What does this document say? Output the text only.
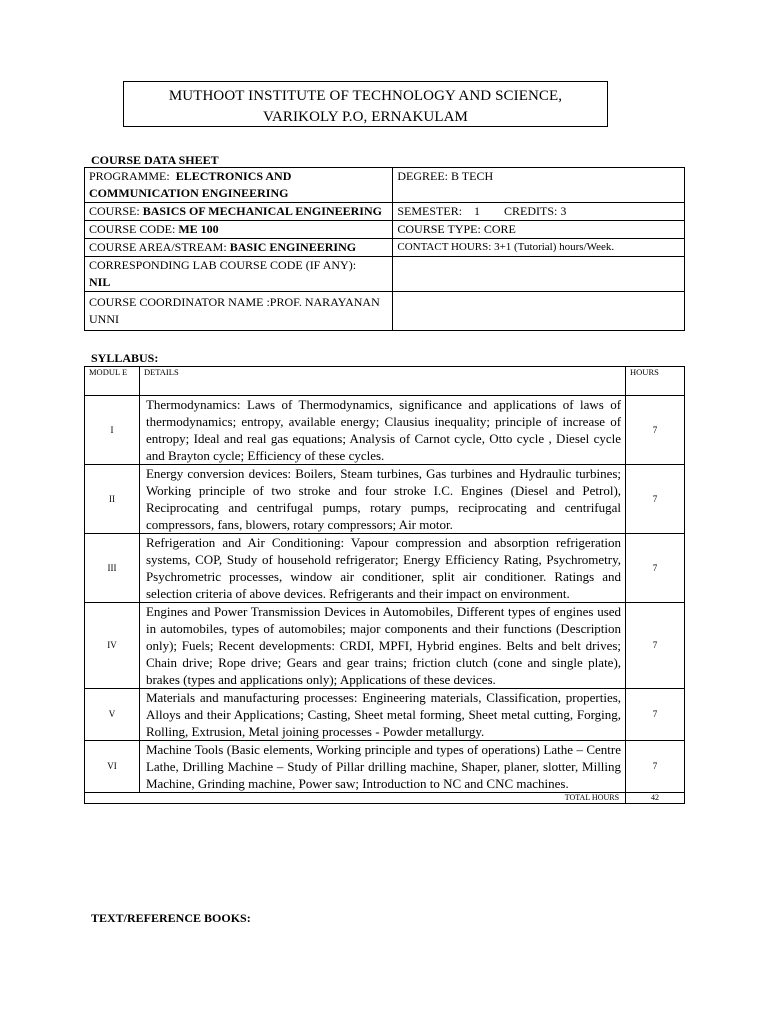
MUTHOOT INSTITUTE OF TECHNOLOGY AND SCIENCE,
VARIKOLY P.O, ERNAKULAM
COURSE DATA SHEET
PROGRAMME: ELECTRONICS AND COMMUNICATION ENGINEERING	DEGREE: B TECH
COURSE: BASICS OF MECHANICAL ENGINEERING	SEMESTER:    1        CREDITS: 3
COURSE CODE: ME 100	COURSE TYPE: CORE
COURSE AREA/STREAM: BASIC ENGINEERING	CONTACT HOURS: 3+1 (Tutorial) hours/Week.
CORRESPONDING LAB COURSE CODE (IF ANY):
NIL	
COURSE COORDINATOR NAME :PROF. NARAYANAN UNNI	
SYLLABUS:
MODUL E	DETAILS	HOURS
I	Thermodynamics: Laws of Thermodynamics, significance and applications of laws of thermodynamics; entropy, available energy; Clausius inequality; principle of increase of entropy; Ideal and real gas equations; Analysis of Carnot cycle, Otto cycle , Diesel cycle and Brayton cycle; Efficiency of these cycles.	7
II	Energy conversion devices: Boilers, Steam turbines, Gas turbines and Hydraulic turbines; Working principle of two stroke and four stroke I.C. Engines (Diesel and Petrol), Reciprocating and centrifugal pumps, rotary pumps, reciprocating and centrifugal compressors, fans, blowers, rotary compressors; Air motor.	7
III	Refrigeration and Air Conditioning: Vapour compression and absorption refrigeration systems, COP, Study of household refrigerator; Energy Efficiency Rating, Psychrometry, Psychrometric processes, window air conditioner, split air conditioner. Ratings and selection criteria of above devices. Refrigerants and their impact on environment.	7
IV	Engines and Power Transmission Devices in Automobiles, Different types of engines used in automobiles, types of automobiles; major components and their functions (Description only); Fuels; Recent developments: CRDI, MPFI, Hybrid engines. Belts and belt drives; Chain drive; Rope drive; Gears and gear trains; friction clutch (cone and single plate), brakes (types and applications only); Applications of these devices.	7
V	Materials and manufacturing processes: Engineering materials, Classification, properties, Alloys and their Applications; Casting, Sheet metal forming, Sheet metal cutting, Forging, Rolling, Extrusion, Metal joining processes - Powder metallurgy.	7
VI	Machine Tools (Basic elements, Working principle and types of operations) Lathe – Centre Lathe, Drilling Machine – Study of Pillar drilling machine, Shaper, planer, slotter, Milling Machine, Grinding machine, Power saw; Introduction to NC and CNC machines.	7
TOTAL HOURS		42
TEXT/REFERENCE BOOKS:
